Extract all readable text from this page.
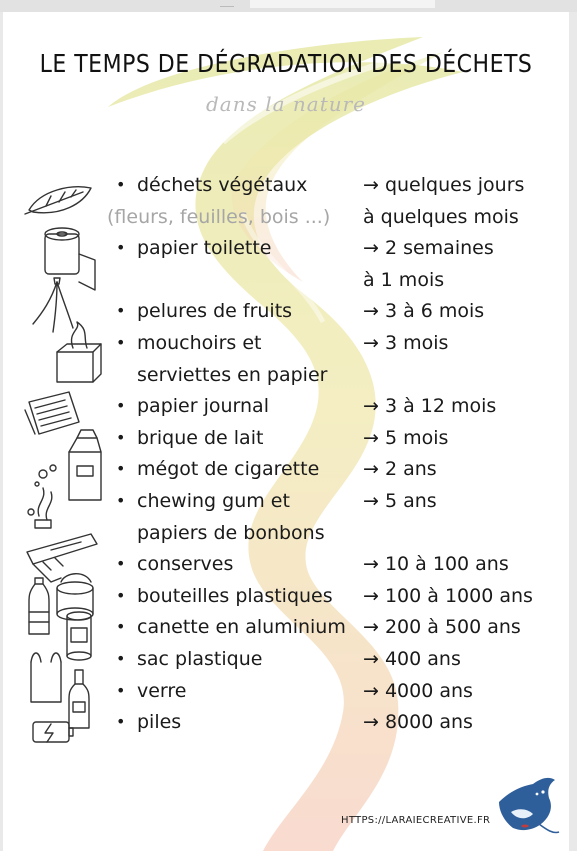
LE TEMPS DE DÉGRADATION DES DÉCHETS
dans la nature
• déchets végétaux	→ quelques jours
(fleurs, feuilles, bois ...) à quelques mois
• papier toilette	→ 2 semaines
à 1 mois
• pelures de fruits	→ 3 à 6 mois
• mouchoirs et	→ 3 mois
serviettes en papier
• papier journal	→ 3 à 12 mois
• brique de lait	→ 5 mois
• mégot de cigarette → 2 ans
• chewing gum et	→ 5 ans
papiers de bonbons
• conserves	→ 10 à 100 ans
• bouteilles plastiques → 100 à 1000 ans
• canette en aluminium → 200 à 500 ans
• sac plastique	→ 400 ans
• verre	→ 4000 ans
• piles	→ 8000 ans
HTTPS://LARAIECREATIVE.FR
